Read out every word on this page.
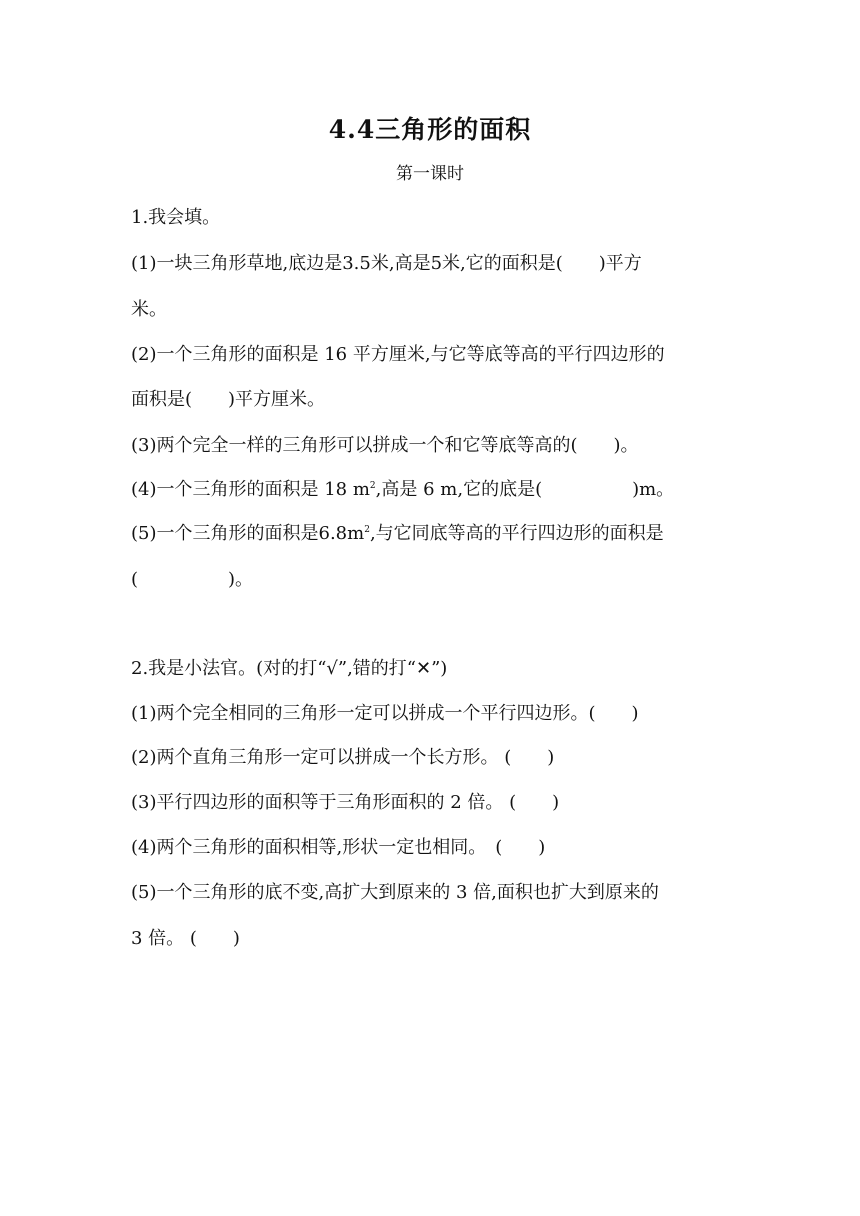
4.4三角形的面积
第一课时
1.我会填。
(1)一块三角形草地,底边是3.5米,高是5米,它的面积是(　　)平方
米。
(2)一个三角形的面积是 16 平方厘米,与它等底等高的平行四边形的
面积是(　　)平方厘米。
(3)两个完全一样的三角形可以拼成一个和它等底等高的(　　)。
(4)一个三角形的面积是 18 $m^2$,高是 6 m,它的底是(　　　　　)m。
(5)一个三角形的面积是$6.8m^2$,与它同底等高的平行四边形的面积是
(　　　　　)。
2.我是小法官。(对的打“√”,错的打“✕”)
(1)两个完全相同的三角形一定可以拼成一个平行四边形。(　　)
(2)两个直角三角形一定可以拼成一个长方形。 (　　)
(3)平行四边形的面积等于三角形面积的 2 倍。 (　　)
(4)两个三角形的面积相等,形状一定也相同。　(　　)
(5)一个三角形的底不变,高扩大到原来的 3 倍,面积也扩大到原来的
3 倍。 (　　)
